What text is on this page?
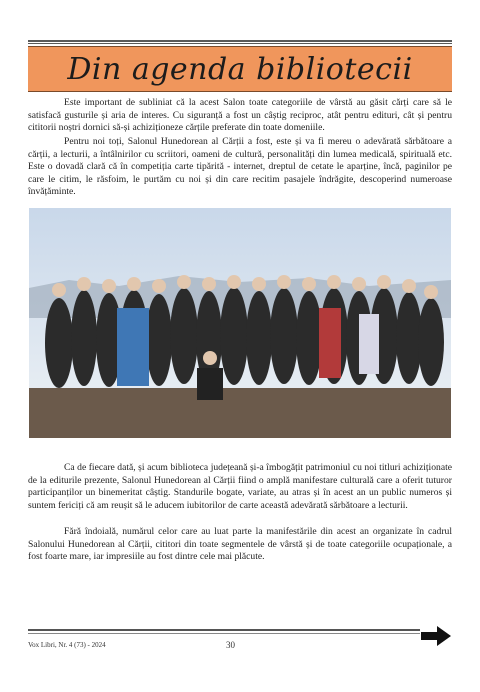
Din agenda bibliotecii

Este important de subliniat că la acest Salon toate categoriile de vârstă au găsit cărți care să le satisfacă gusturile și aria de interes. Cu siguranță a fost un câștig reciproc, atât pentru edituri, cât și pentru cititorii noștri dornici să-și achiziționeze cărțile preferate din toate domeniile.

Pentru noi toți, Salonul Hunedorean al Cărții a fost, este și va fi mereu o adevărată sărbătoare a cărții, a lecturii, a întâlnirilor cu scriitori, oameni de cultură, personalități din lumea medicală, spirituală etc. Este o dovadă clară că în competiția carte tipărită - internet, dreptul de cetate le aparține, încă, paginilor pe care le citim, le răsfoim, le purtăm cu noi și din care recitim pasajele îndrăgite, descoperind numeroase învățăminte.

Ca de fiecare dată, și acum biblioteca județeană și-a îmbogățit patrimoniul cu noi titluri achiziționate de la editurile prezente, Salonul Hunedorean al Cărții fiind o amplă manifestare culturală care a oferit tuturor participanților un binemeritat câștig. Standurile bogate, variate, au atras și în acest an un public numeros și suntem fericiți că am reușit să le aducem iubitorilor de carte această adevărată sărbătoare a lecturii.

Fără îndoială, numărul celor care au luat parte la manifestările din acest an organizate în cadrul Salonului Hunedorean al Cărții, cititori din toate segmentele de vârstă și de toate categoriile ocupaționale, a fost foarte mare, iar impresiile au fost dintre cele mai plăcute.

Vox Libri, Nr. 4 (73) - 2024	30
